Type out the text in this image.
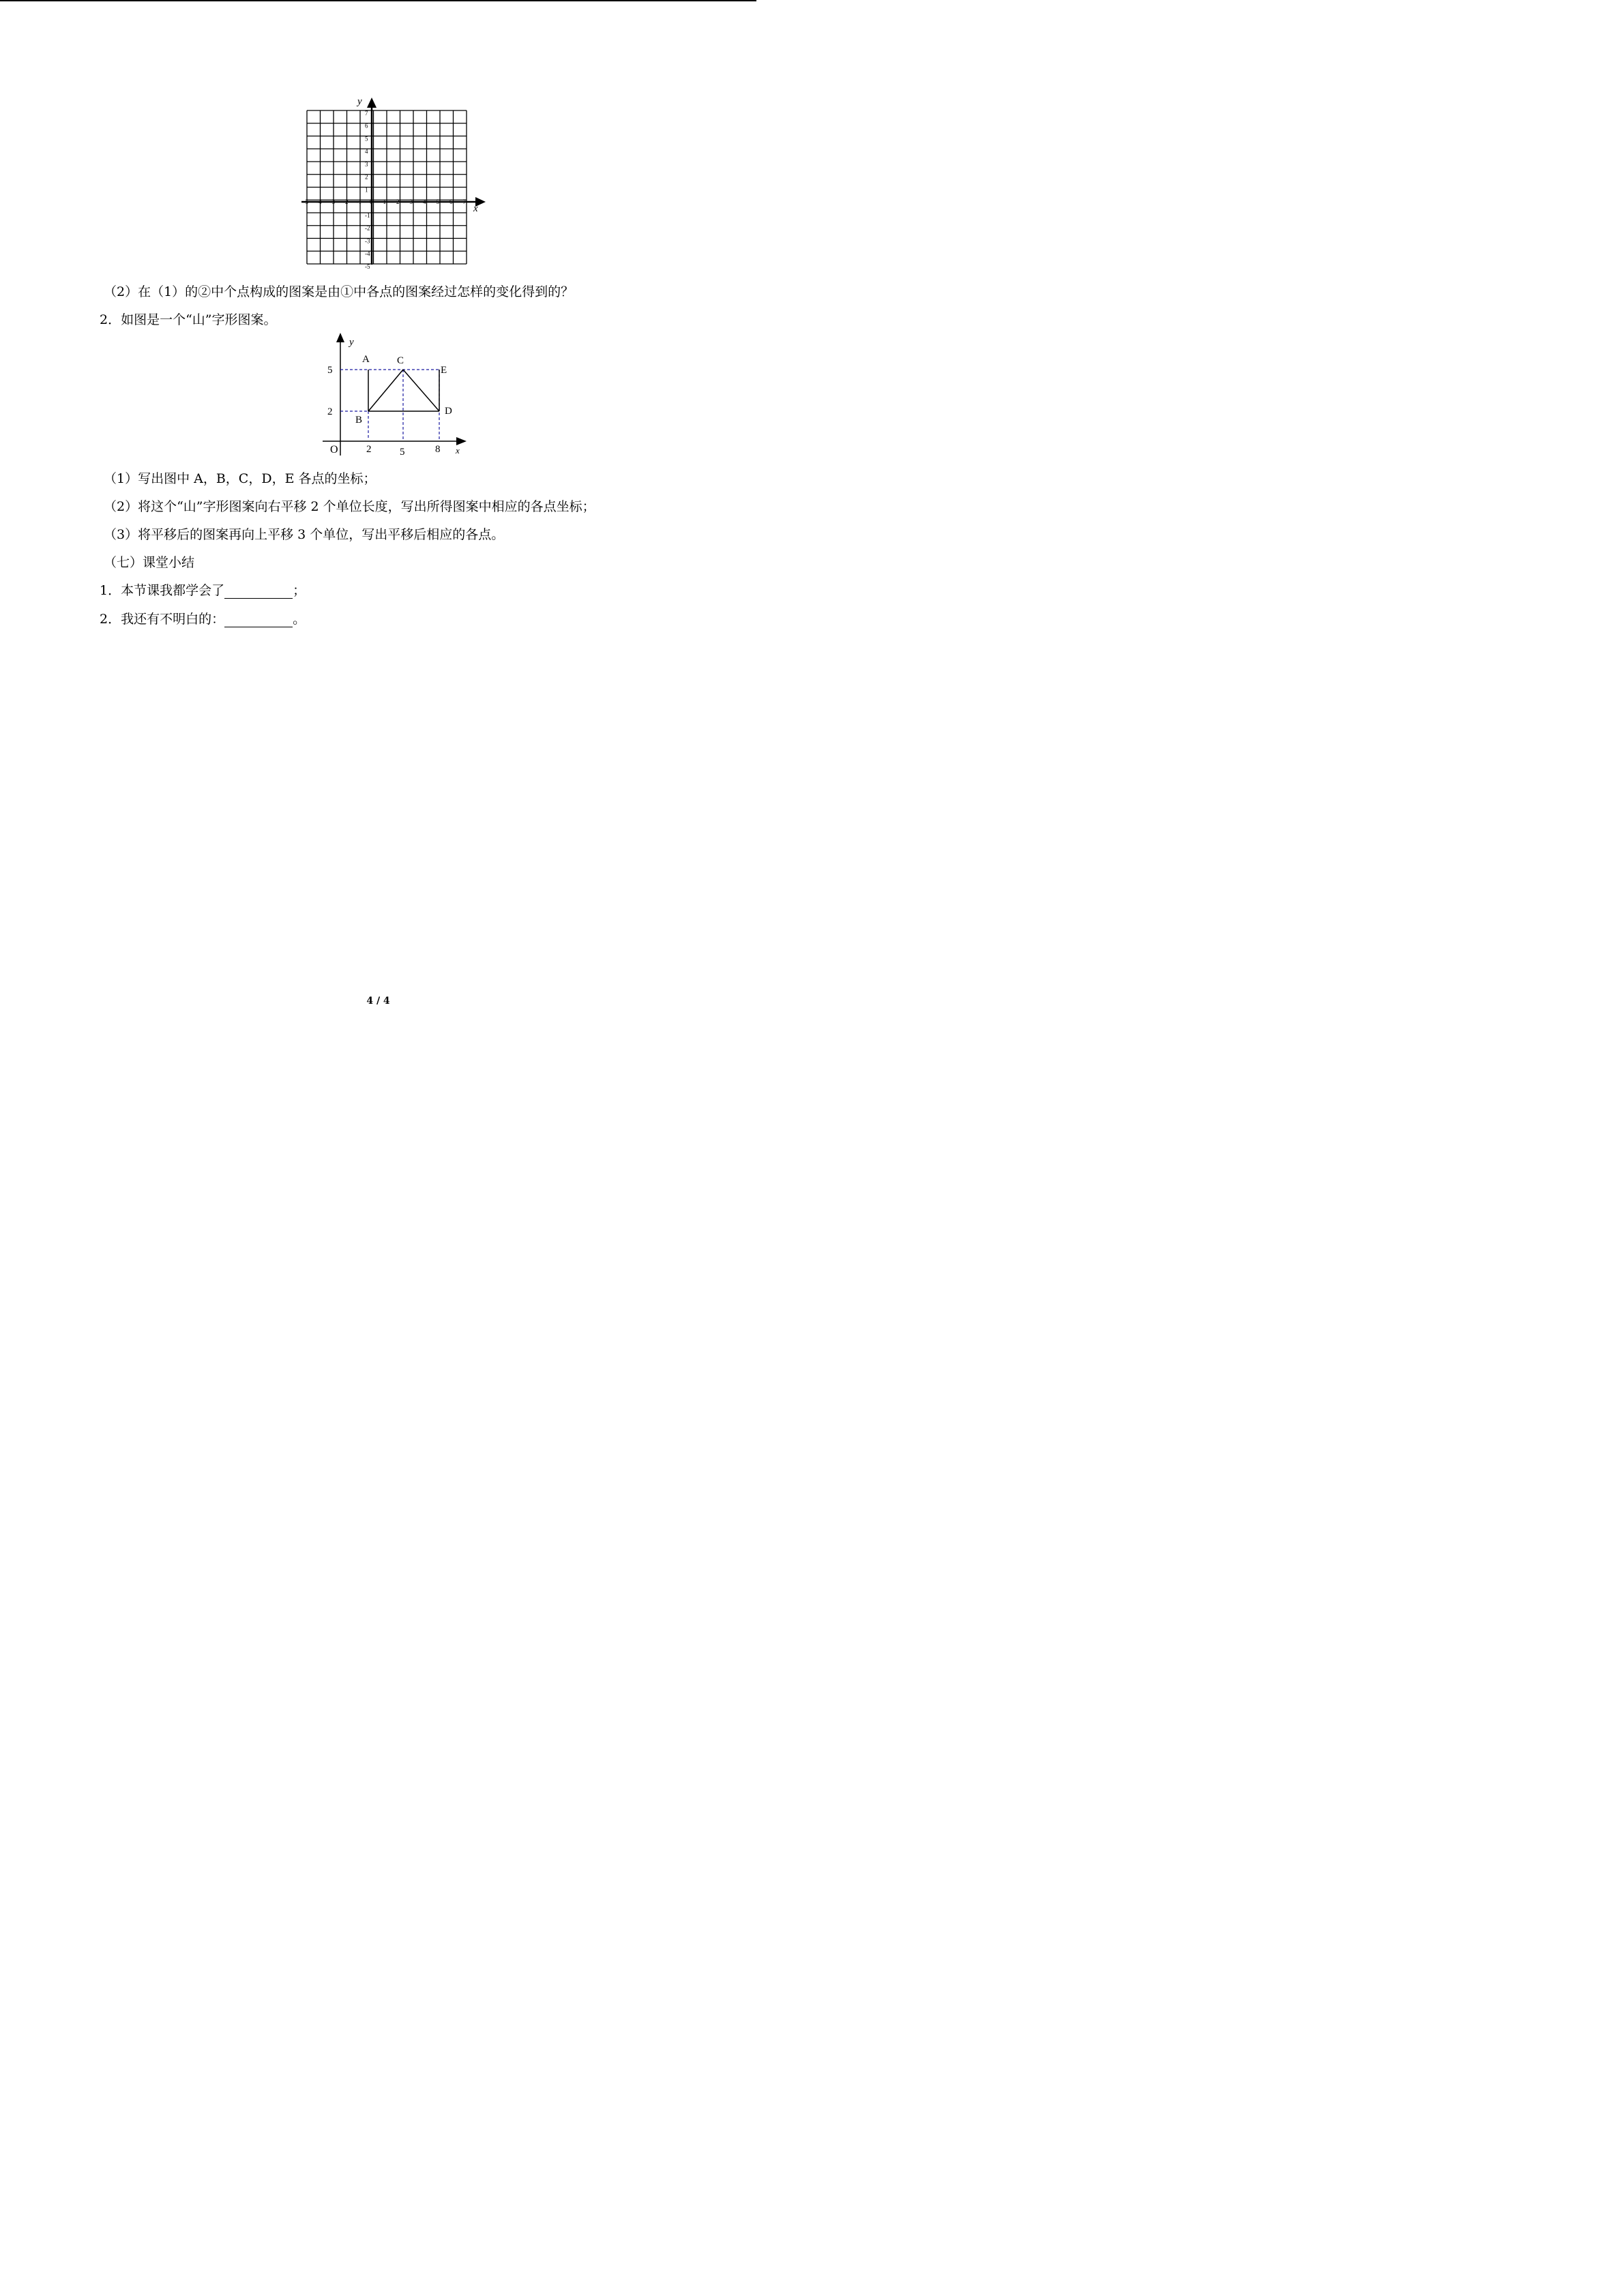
y
x
-5 -4 -3 -2 -1 0 1 2 3 4 5 6 7
7
6
5
4
3
2
1
-1
-2
-3
-4
-5
（2）在（1）的②中个点构成的图案是由①中各点的图案经过怎样的变化得到的？
2．如图是一个“山”字形图案。
y
x
O
5
2
2	5	8
A	C
E
B
D
（1）写出图中 A，B，C，D，E 各点的坐标；
（2）将这个“山”字形图案向右平移 2 个单位长度，写出所得图案中相应的各点坐标；
（3）将平移后的图案再向上平移 3 个单位，写出平移后相应的各点。
（七）课堂小结
1．本节课我都学会了	；
2．我还有不明白的：	。
4 / 4
